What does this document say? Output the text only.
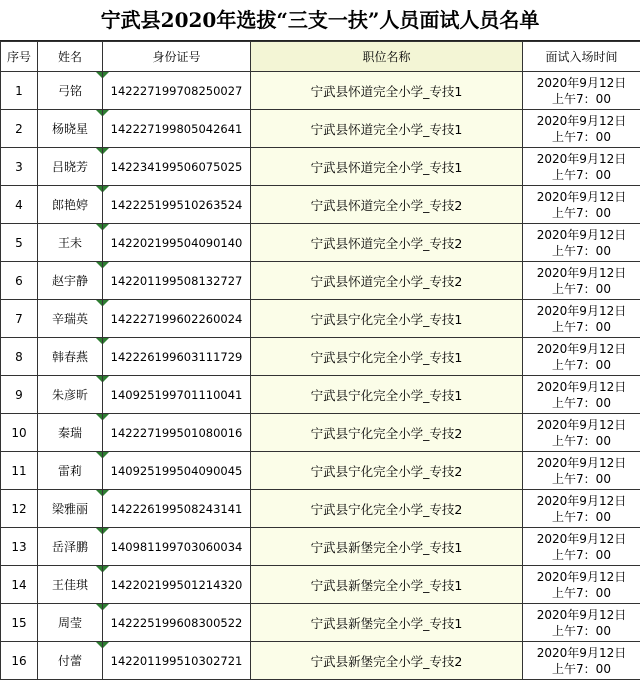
宁武县2020年选拔“三支一扶”人员面试人员名单
序号	姓名	身份证号	职位名称	面试入场时间
1	弓铭	142227199708250027	宁武县怀道完全小学_专技1	2020年9月12日
上午7：00

2	杨晓星	142227199805042641	宁武县怀道完全小学_专技1	2020年9月12日
上午7：00

3	吕晓芳	142234199506075025	宁武县怀道完全小学_专技1	2020年9月12日
上午7：00

4	郎艳婷	142225199510263524	宁武县怀道完全小学_专技2	2020年9月12日
上午7：00

5	王未	142202199504090140	宁武县怀道完全小学_专技2	2020年9月12日
上午7：00

6	赵宇静	142201199508132727	宁武县怀道完全小学_专技2	2020年9月12日
上午7：00

7	辛瑞英	142227199602260024	宁武县宁化完全小学_专技1	2020年9月12日
上午7：00

8	韩春燕	142226199603111729	宁武县宁化完全小学_专技1	2020年9月12日
上午7：00

9	朱彦昕	140925199701110041	宁武县宁化完全小学_专技1	2020年9月12日
上午7：00

10	秦瑞	142227199501080016	宁武县宁化完全小学_专技2	2020年9月12日
上午7：00

11	雷莉	140925199504090045	宁武县宁化完全小学_专技2	2020年9月12日
上午7：00

12	梁雅丽	142226199508243141	宁武县宁化完全小学_专技2	2020年9月12日
上午7：00

13	岳泽鹏	140981199703060034	宁武县新堡完全小学_专技1	2020年9月12日
上午7：00

14	王佳琪	142202199501214320	宁武县新堡完全小学_专技1	2020年9月12日
上午7：00

15	周莹	142225199608300522	宁武县新堡完全小学_专技1	2020年9月12日
上午7：00

16	付蕾	142201199510302721	宁武县新堡完全小学_专技2	2020年9月12日
上午7：00
